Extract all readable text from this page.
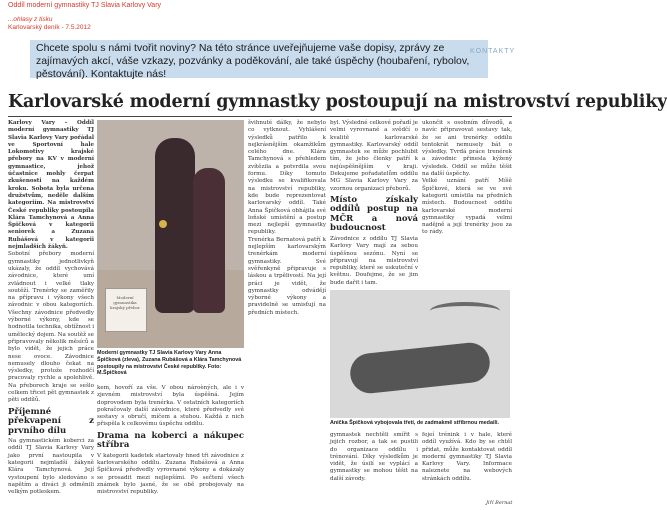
Oddíl moderní gymnastiky TJ Slavia Karlovy Vary
...ohlasy z tisku
Karlovarský deník - 7.5.2012
Chcete spolu s námi tvořit noviny? Na této stránce uveřejňujeme vaše dopisy, zprávy ze zajímavých akcí, váše vzkazy, pozvánky a poděkování, ale také úspěchy (houbaření, rybolov, pěstování). Kontaktujte nás!
KONTAKTY
Karlovarské moderní gymnastky postoupují na mistrovství republiky

Karlovy Vary – Oddíl moderní gymnastiky TJ Slavia Karlovy Vary pořádal ve Sportovní hale Lokomotivy krajské přebory na KV v moderní gymnastice, jehož účastnice mohly čerpat zkušenosti na každém kroku. Sobota byla určena družstvům, neděle dalším kategoriím. Na mistrovství České republiky postoupila Klára Tamchynová a Anna Špičková v kategorii seniorek a Zuzana Rubášová v kategorii nejmladších žákyň.

Sobotní přebory moderní gymnastiky jednotlivkyň ukázaly, že oddíl vychovává závodnice, které umí zvládnout i velké tlaky soutěží. Trenérky se zaměřily na přípravu i výkony všech závodnic v obou kategoriích. Všechny závodnice předvedly výborné výkony, kde se hodnotila technika, obtížnost i umělecký dojem. Na soutěž se připravovaly několik měsíců a bylo vidět, že jejich práce nese ovoce. Závodnice nemusely dlouho čekat na výsledky, protože rozhodčí pracovaly rychle a spolehlivě. Na přeborech kraje se sešlo celkem třicet pět gymnastek z pěti oddílů.

Příjemné překvapení z prvního dílu

Na gymnastickém koberci za oddíl TJ Slavia Karlovy Vary jako první nastoupila v kategorii nejmladší žákyně Klára Tamchynová. Její vystoupení bylo sledováno s napětím a diváci ji odměnili velkým potleskem.

Moderní gymnastika krajský přebor
Moderní gymnastky TJ Slavia Karlovy Vary Anna Špičková (zleva), Zuzana Rubášová a Klára Tamchynová postoupily na mistrovství České republiky. Foto: M.Špičková

kem, hovoří za vše. V obou nároèných, ale i v zjevném mistrovství byla úspěšná. Jejím doprovodem byla trenérka. V ostatních kategoriích pokračovaly další závodnice, které předvedly své sestavy s obručí, míčem a stuhou. Každá z nich přispěla k celkovému úspěchu oddílu.

Drama na koberci a nákupec stříbra

V kategorii kadetek startovaly hned tři závodnice z karlovarského oddílu. Zuzana Rubášová a Anna Špičková předvedly vyrovnané výkony a dokázaly se prosadit mezi nejlepšími. Po sečtení všech známek bylo jasné, že se obě probojovaly na mistrovství republiky.

švihnuté dálky, že nebylo co vytknout. Vyhlášení výsledků patřilo k nejkrásnějším okamžikům celého dne. Klára Tamchynová s přehledem zvítězila a potvrdila svou formu. Díky tomuto výsledku se kvalifikovala na mistrovství republiky, kde bude reprezentovat karlovarský oddíl. Také Anna Špičková obhájila své loňské umístění a postup mezi nejlepší gymnastky republiky.

Trenérka Bernatová patří k nejlepším karlovarským trenérkám moderní gymnastiky. Své svěřenkyně připravuje s láskou a trpělivostí. Na její práci je vidět, že gymnastky odvádějí výborné výkony a pravidelně se umisťují na předních místech.

byl. Výsledné celkové pořadí je velmi vyrovnané a svědčí o kvalitě karlovarské gymnastiky. Karlovarský oddíl gymnastek se může pochlubit tím, že jeho členky patří k nejúspěšnějším v kraji. Dekujeme pořadatelům oddílu MG Slavia Karlovy Vary za vzornou organizaci přeborů.

Místo získaly oddílů postup na MČR a nová budoucnost

Závodnice z oddílu TJ Slavia Karlovy Vary mají za sebou úspěšnou sezónu. Nyní se připravují na mistrovství republiky, které se uskuteční v květnu. Doufejme, že se jim bude dařit i tam.

ukončit s osobním důvodů, a navíc připravovat sestavy tak, že se ani trenérky oddílu tentokrát nemusely bát o výsledky. Tvrdá práce trenérek a závodnic přinesla kýžený výsledek. Oddíl se může těšit na další úspěchy.

Velké uznání patří Míšě Špičkové, která se ve své kategorii umístila na předních místech. Budoucnost oddílu karlovarské moderní gymnastiky vypadá velmi nadějně a její trenérky jsou za to rády.

Anička Špičková vybojovala třetí, de zadmakmě stříbrnou medaili.

gymnastek nechtěli smířit s jejich rozbor, a tak se pustili do organizace oddílu i trénování. Díky výsledkům je vidět, že úsilí se vyplácí a gymnastky se mohou těšit na další závody.

fejeí trénink i v hale, které oddíl využívá. Kdo by se chtěl přidat, může kontaktovat oddíl moderní gymnastiky TJ Slavia Karlovy Vary. Informace naleznete na webových stránkách oddílu.

Jiří Bernat
